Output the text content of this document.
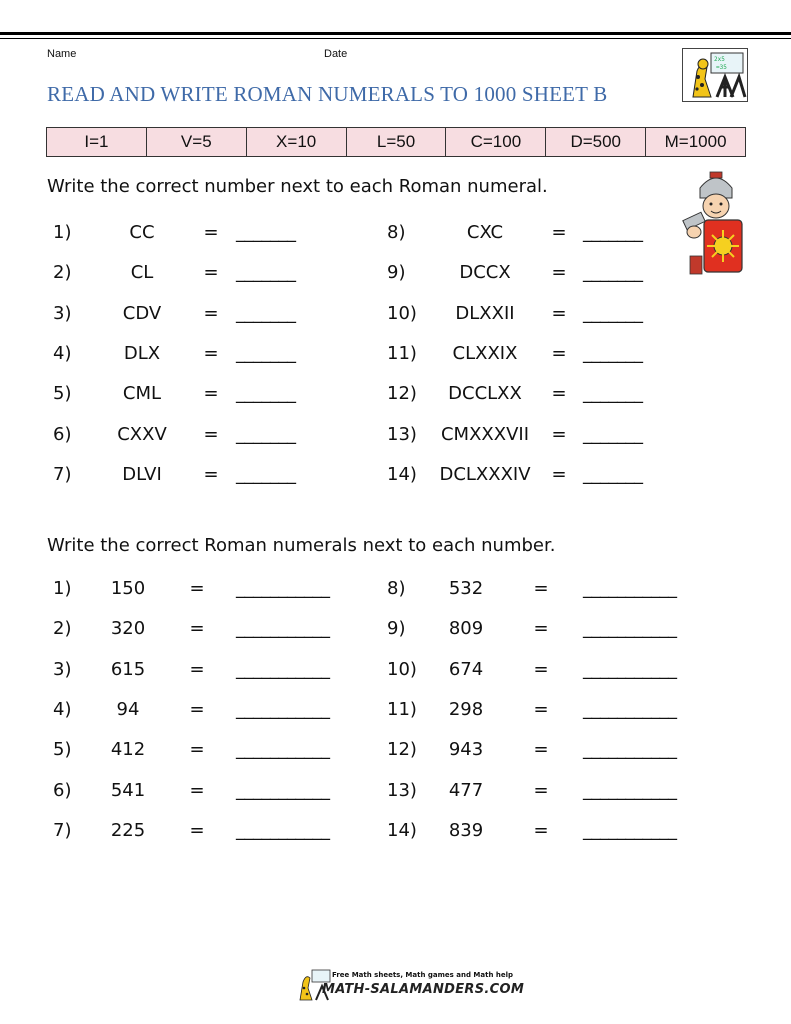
Name	Date
READ AND WRITE ROMAN NUMERALS TO 1000 SHEET B
2x5
=35
I=1	V=5	X=10	L=50	C=100	D=500	M=1000
Write the correct number next to each Roman numeral.
1)	CC	= _______
2)	CL	= _______
3)	CDV	= _______
4)	DLX	= _______
5)	CML	= _______
6)	CXXV	= _______
7)	DLVI	= _______
8)	CXC	= _______
9)	DCCX	= _______
10)	DLXXII	= _______
11)	CLXXIX	= _______
12)	DCCLXX	= _______
13)	CMXXXVII	= _______
14)	DCLXXXIV	= _______
Write the correct Roman numerals next to each number.
1)	150	= ___________
2)	320	= ___________
3)	615	= ___________
4)	94	= ___________
5)	412	= ___________
6)	541	= ___________
7)	225	= ___________
8)	532	= ___________
9)	809	= ___________
10)	674	= ___________
11)	298	= ___________
12)	943	= ___________
13)	477	= ___________
14)	839	= ___________
Free Math sheets, Math games and Math help
MATH-SALAMANDERS.COM
